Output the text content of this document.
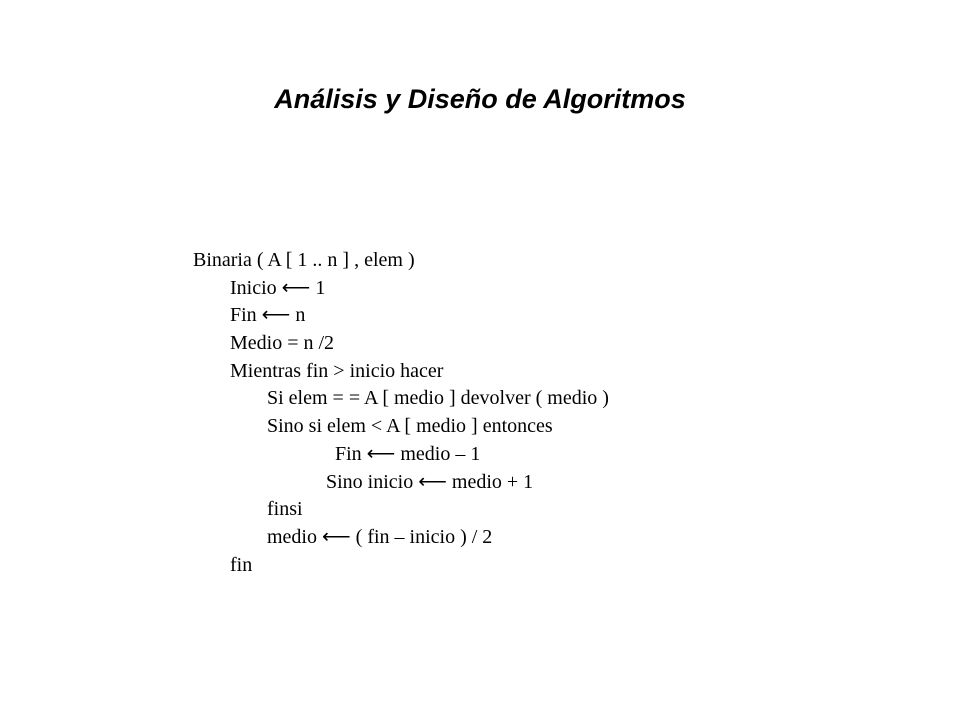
Análisis y Diseño de Algoritmos
Binaria ( A [ 1 .. n ] , elem )
Inicio ⟵ 1
Fin ⟵ n
Medio = n /2
Mientras fin > inicio hacer
Si elem = = A [ medio ] devolver ( medio )
Sino si elem < A [ medio ] entonces
Fin ⟵ medio – 1
Sino inicio ⟵ medio + 1
finsi
medio ⟵ ( fin – inicio ) / 2
fin
